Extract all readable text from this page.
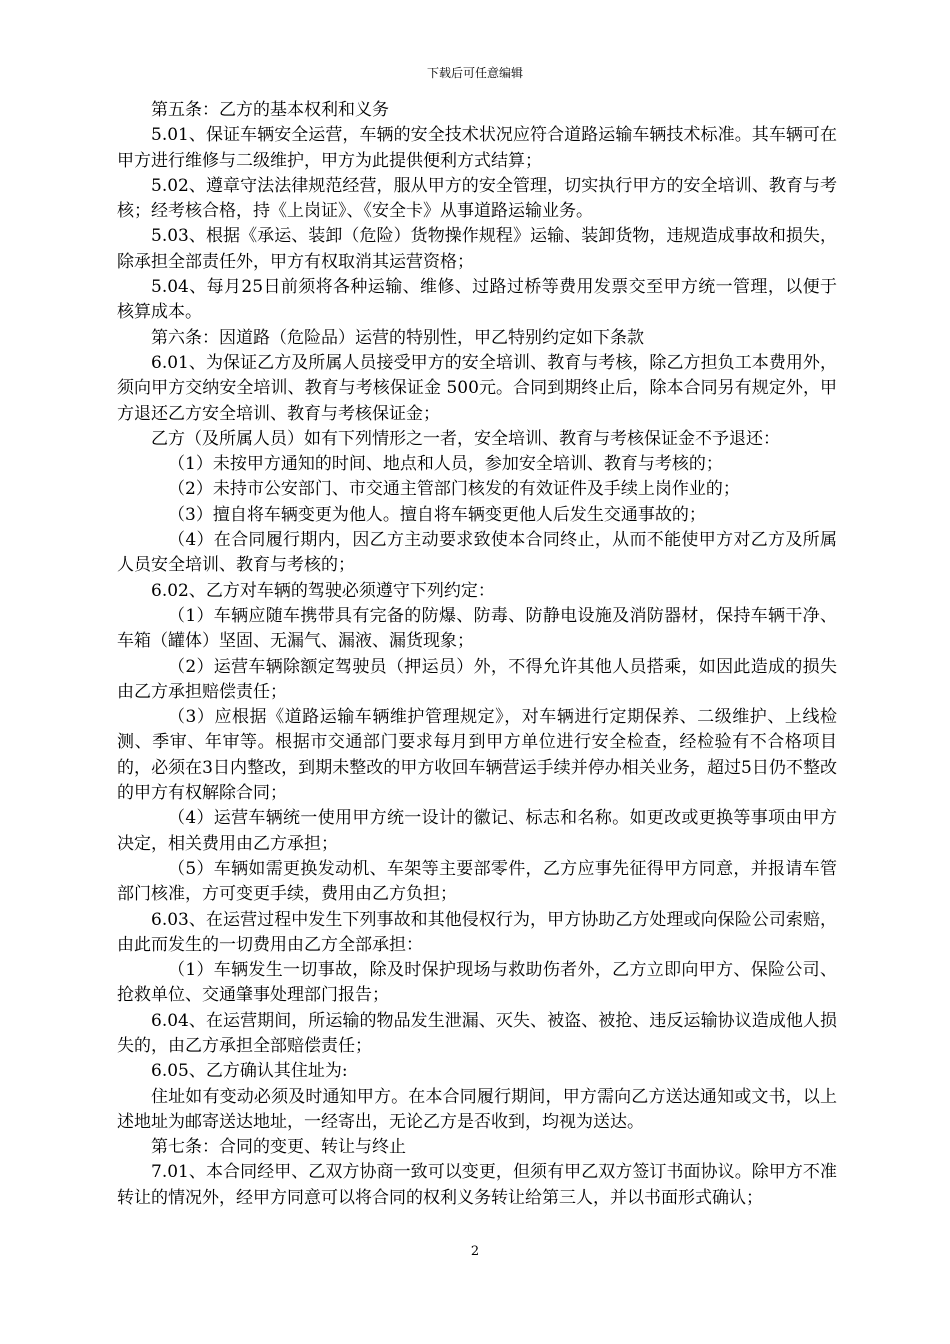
下载后可任意编辑

第五条：乙方的基本权利和义务

5.01、保证车辆安全运营，车辆的安全技术状况应符合道路运输车辆技术标准。其车辆可在甲方进行维修与二级维护，甲方为此提供便利方式结算；

5.02、遵章守法法律规范经营，服从甲方的安全管理，切实执行甲方的安全培训、教育与考核；经考核合格，持《上岗证》、《安全卡》从事道路运输业务。

5.03、根据《承运、装卸（危险）货物操作规程》运输、装卸货物，违规造成事故和损失，除承担全部责任外，甲方有权取消其运营资格；

5.04、每月25日前须将各种运输、维修、过路过桥等费用发票交至甲方统一管理，以便于核算成本。

第六条：因道路（危险品）运营的特别性，甲乙特别约定如下条款

6.01、为保证乙方及所属人员接受甲方的安全培训、教育与考核，除乙方担负工本费用外，须向甲方交纳安全培训、教育与考核保证金 500元。合同到期终止后，除本合同另有规定外，甲方退还乙方安全培训、教育与考核保证金；

乙方（及所属人员）如有下列情形之一者，安全培训、教育与考核保证金不予退还：

（1）未按甲方通知的时间、地点和人员，参加安全培训、教育与考核的；

（2）未持市公安部门、市交通主管部门核发的有效证件及手续上岗作业的；

（3）擅自将车辆变更为他人。擅自将车辆变更他人后发生交通事故的；

（4）在合同履行期内，因乙方主动要求致使本合同终止，从而不能使甲方对乙方及所属人员安全培训、教育与考核的；

6.02、乙方对车辆的驾驶必须遵守下列约定：

（1）车辆应随车携带具有完备的防爆、防毒、防静电设施及消防器材，保持车辆干净、车箱（罐体）坚固、无漏气、漏液、漏货现象；

（2）运营车辆除额定驾驶员（押运员）外，不得允许其他人员搭乘，如因此造成的损失由乙方承担赔偿责任；

（3）应根据《道路运输车辆维护管理规定》，对车辆进行定期保养、二级维护、上线检测、季审、年审等。根据市交通部门要求每月到甲方单位进行安全检查，经检验有不合格项目的，必须在3日内整改，到期未整改的甲方收回车辆营运手续并停办相关业务，超过5日仍不整改的甲方有权解除合同；

（4）运营车辆统一使用甲方统一设计的徽记、标志和名称。如更改或更换等事项由甲方决定，相关费用由乙方承担；

（5）车辆如需更换发动机、车架等主要部零件，乙方应事先征得甲方同意，并报请车管部门核准，方可变更手续，费用由乙方负担；

6.03、在运营过程中发生下列事故和其他侵权行为，甲方协助乙方处理或向保险公司索赔，由此而发生的一切费用由乙方全部承担：

（1）车辆发生一切事故，除及时保护现场与救助伤者外，乙方立即向甲方、保险公司、抢救单位、交通肇事处理部门报告；

6.04、在运营期间，所运输的物品发生泄漏、灭失、被盗、被抢、违反运输协议造成他人损失的，由乙方承担全部赔偿责任；

6.05、乙方确认其住址为:

住址如有变动必须及时通知甲方。在本合同履行期间，甲方需向乙方送达通知或文书，以上述地址为邮寄送达地址，一经寄出，无论乙方是否收到，均视为送达。

第七条：合同的变更、转让与终止

7.01、本合同经甲、乙双方协商一致可以变更，但须有甲乙双方签订书面协议。除甲方不准转让的情况外，经甲方同意可以将合同的权利义务转让给第三人，并以书面形式确认；

2
